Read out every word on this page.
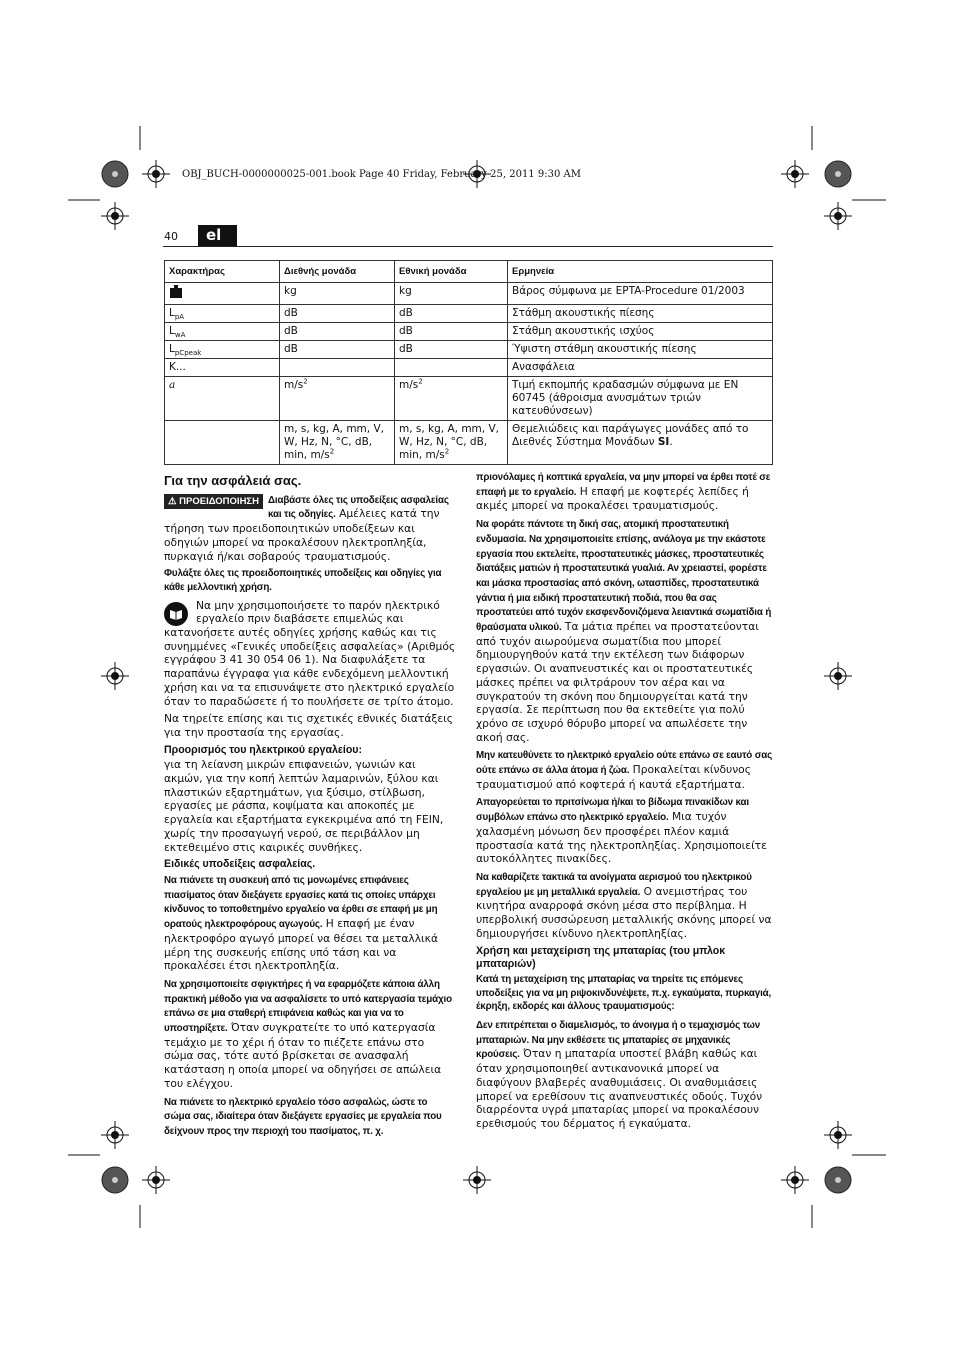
OBJ_BUCH-0000000025-001.book Page 40 Friday, February 25, 2011 9:30 AM
40	el
Χαρακτήρας	Διεθνής μονάδα	Εθνική μονάδα	Ερμηνεία
	kg	kg	Βάρος σύμφωνα με EPTA-Procedure 01/2003
$L_{pA}$	dB	dB	Στάθμη ακουστικής πίεσης
$L_{wA}$	dB	dB	Στάθμη ακουστικής ισχύος
$L_{pCpeak}$	dB	dB	Ύψιστη στάθμη ακουστικής πίεσης
K...			Ανασφάλεια
a	$m/s^2$	$m/s^2$	Τιμή εκπομπής κραδασμών σύμφωνα με EN 60745 (άθροισμα ανυσμάτων τριών κατευθύνσεων)
	m, s, kg, A, mm, V, W, Hz, N, °C, dB, min, $m/s^2$	m, s, kg, A, mm, V, W, Hz, N, °C, dB, min, $m/s^2$	Θεμελιώδεις και παράγωγες μονάδες από το Διεθνές Σύστημα Μονάδων SI.
Για την ασφάλειά σας.

⚠ ΠΡΟΕΙΔΟΠΟΙΗΣΗ Διαβάστε όλες τις υποδείξεις ασφαλείας και τις οδηγίες. Αμέλειες κατά την τήρηση των προειδοποιητικών υποδείξεων και οδηγιών μπορεί να προκαλέσουν ηλεκτροπληξία, πυρκαγιά ή/και σοβαρούς τραυματισμούς.

Φυλάξτε όλες τις προειδοποιητικές υποδείξεις και οδηγίες για κάθε μελλοντική χρήση.

Να μην χρησιμοποιήσετε το παρόν ηλεκτρικό εργαλείο πριν διαβάσετε επιμελώς και κατανοήσετε αυτές οδηγίες χρήσης καθώς και τις συνημμένες «Γενικές υποδείξεις ασφαλείας» (Αριθμός εγγράφου 3 41 30 054 06 1). Να διαφυλάξετε τα παραπάνω έγγραφα για κάθε ενδεχόμενη μελλοντική χρήση και να τα επισυνάψετε στο ηλεκτρικό εργαλείο όταν το παραδώσετε ή το πουλήσετε σε τρίτο άτομο.

Να τηρείτε επίσης και τις σχετικές εθνικές διατάξεις για την προστασία της εργασίας.

Προορισμός του ηλεκτρικού εργαλείου:

για τη λείανση μικρών επιφανειών, γωνιών και ακμών, για την κοπή λεπτών λαμαρινών, ξύλου και πλαστικών εξαρτημάτων, για ξύσιμο, στίλβωση, εργασίες με ράσπα, κοψίματα και αποκοπές με εργαλεία και εξαρτήματα εγκεκριμένα από τη FEIN, χωρίς την προσαγωγή νερού, σε περιβάλλον μη εκτεθειμένο στις καιρικές συνθήκες.

Ειδικές υποδείξεις ασφαλείας.

Να πιάνετε τη συσκευή από τις μονωμένες επιφάνειες πιασίματος όταν διεξάγετε εργασίες κατά τις οποίες υπάρχει κίνδυνος το τοποθετημένο εργαλείο να έρθει σε επαφή με μη ορατούς ηλεκτροφόρους αγωγούς. Η επαφή με έναν ηλεκτροφόρο αγωγό μπορεί να θέσει τα μεταλλικά μέρη της συσκευής επίσης υπό τάση και να προκαλέσει έτσι ηλεκτροπληξία.

Να χρησιμοποιείτε σφιγκτήρες ή να εφαρμόζετε κάποια άλλη πρακτική μέθοδο για να ασφαλίσετε το υπό κατεργασία τεμάχιο επάνω σε μια σταθερή επιφάνεια καθώς και για να το υποστηρίξετε. Όταν συγκρατείτε το υπό κατεργασία τεμάχιο με το χέρι ή όταν το πιέζετε επάνω στο σώμα σας, τότε αυτό βρίσκεται σε ανασφαλή κατάσταση η οποία μπορεί να οδηγήσει σε απώλεια του ελέγχου.

Να πιάνετε το ηλεκτρικό εργαλείο τόσο ασφαλώς, ώστε το σώμα σας, ιδιαίτερα όταν διεξάγετε εργασίες με εργαλεία που δείχνουν προς την περιοχή του πασίματος, π. χ.

πριονόλαμες ή κοπτικά εργαλεία, να μην μπορεί να έρθει ποτέ σε επαφή με το εργαλείο. Η επαφή με κοφτερές λεπίδες ή ακμές μπορεί να προκαλέσει τραυματισμούς.

Να φοράτε πάντοτε τη δική σας, ατομική προστατευτική ενδυμασία. Να χρησιμοποιείτε επίσης, ανάλογα με την εκάστοτε εργασία που εκτελείτε, προστατευτικές μάσκες, προστατευτικές διατάξεις ματιών ή προστατευτικά γυαλιά. Αν χρειαστεί, φορέστε και μάσκα προστασίας από σκόνη, ωτασπίδες, προστατευτικά γάντια ή μια ειδική προστατευτική ποδιά, που θα σας προστατεύει από τυχόν εκσφενδονιζόμενα λειαντικά σωματίδια ή θραύσματα υλικού. Τα μάτια πρέπει να προστατεύονται από τυχόν αιωρούμενα σωματίδια που μπορεί δημιουργηθούν κατά την εκτέλεση των διάφορων εργασιών. Οι αναπνευστικές και οι προστατευτικές μάσκες πρέπει να φιλτράρουν τον αέρα και να συγκρατούν τη σκόνη που δημιουργείται κατά την εργασία. Σε περίπτωση που θα εκτεθείτε για πολύ χρόνο σε ισχυρό θόρυβο μπορεί να απωλέσετε την ακοή σας.

Μην κατευθύνετε το ηλεκτρικό εργαλείο ούτε επάνω σε εαυτό σας ούτε επάνω σε άλλα άτομα ή ζώα. Προκαλείται κίνδυνος τραυματισμού από κοφτερά ή καυτά εξαρτήματα.

Απαγορεύεται το πριτσίνωμα ή/και το βίδωμα πινακίδων και συμβόλων επάνω στο ηλεκτρικό εργαλείο. Μια τυχόν χαλασμένη μόνωση δεν προσφέρει πλέον καμιά προστασία κατά της ηλεκτροπληξίας. Χρησιμοποιείτε αυτοκόλλητες πινακίδες.

Να καθαρίζετε τακτικά τα ανοίγματα αερισμού του ηλεκτρικού εργαλείου με μη μεταλλικά εργαλεία. Ο ανεμιστήρας του κινητήρα αναρροφά σκόνη μέσα στο περίβλημα. Η υπερβολική συσσώρευση μεταλλικής σκόνης μπορεί να δημιουργήσει κίνδυνο ηλεκτροπληξίας.

Χρήση και μεταχείριση της μπαταρίας (του μπλοκ μπαταριών)

Κατά τη μεταχείριση της μπαταρίας να τηρείτε τις επόμενες υποδείξεις για να μη ριψοκινδυνέψετε, π.χ. εγκαύματα, πυρκαγιά, έκρηξη, εκδορές και άλλους τραυματισμούς:

Δεν επιτρέπεται ο διαμελισμός, το άνοιγμα ή ο τεμαχισμός των μπαταριών. Να μην εκθέσετε τις μπαταρίες σε μηχανικές κρούσεις. Όταν η μπαταρία υποστεί βλάβη καθώς και όταν χρησιμοποιηθεί αντικανονικά μπορεί να διαφύγουν βλαβερές αναθυμιάσεις. Οι αναθυμιάσεις μπορεί να ερεθίσουν τις αναπνευστικές οδούς. Τυχόν διαρρέοντα υγρά μπαταρίας μπορεί να προκαλέσουν ερεθισμούς του δέρματος ή εγκαύματα.
